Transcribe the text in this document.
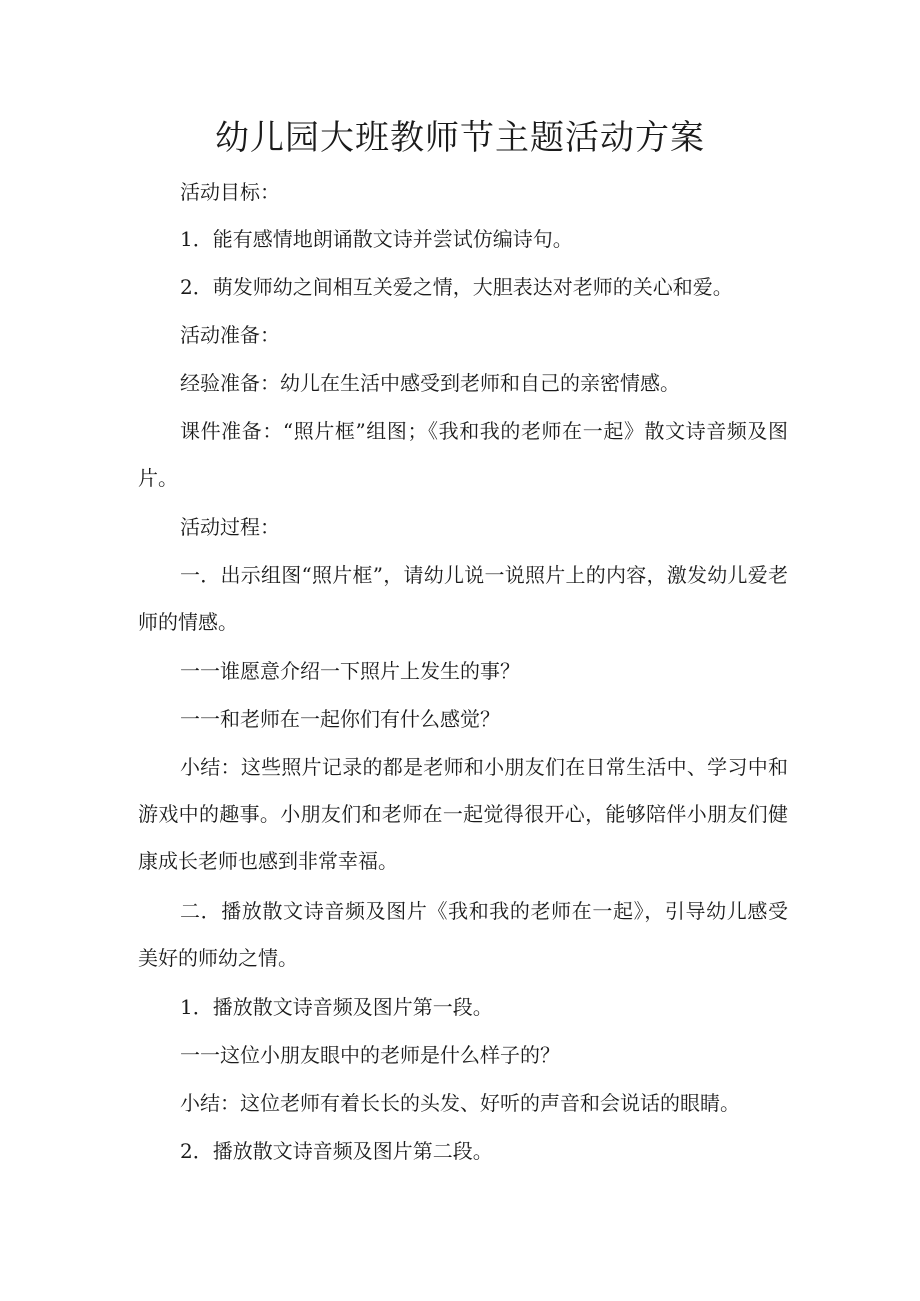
幼儿园大班教师节主题活动方案

活动目标：

1．能有感情地朗诵散文诗并尝试仿编诗句。

2．萌发师幼之间相互关爱之情，大胆表达对老师的关心和爱。

活动准备：

经验准备：幼儿在生活中感受到老师和自己的亲密情感。

课件准备：“照片框”组图；《我和我的老师在一起》散文诗音频及图片。

活动过程：

一．出示组图“照片框”，请幼儿说一说照片上的内容，激发幼儿爱老师的情感。

一一谁愿意介绍一下照片上发生的事？

一一和老师在一起你们有什么感觉？

小结：这些照片记录的都是老师和小朋友们在日常生活中、学习中和游戏中的趣事。小朋友们和老师在一起觉得很开心，能够陪伴小朋友们健康成长老师也感到非常幸福。

二．播放散文诗音频及图片《我和我的老师在一起》，引导幼儿感受美好的师幼之情。

1．播放散文诗音频及图片第一段。

一一这位小朋友眼中的老师是什么样子的？

小结：这位老师有着长长的头发、好听的声音和会说话的眼睛。

2．播放散文诗音频及图片第二段。
